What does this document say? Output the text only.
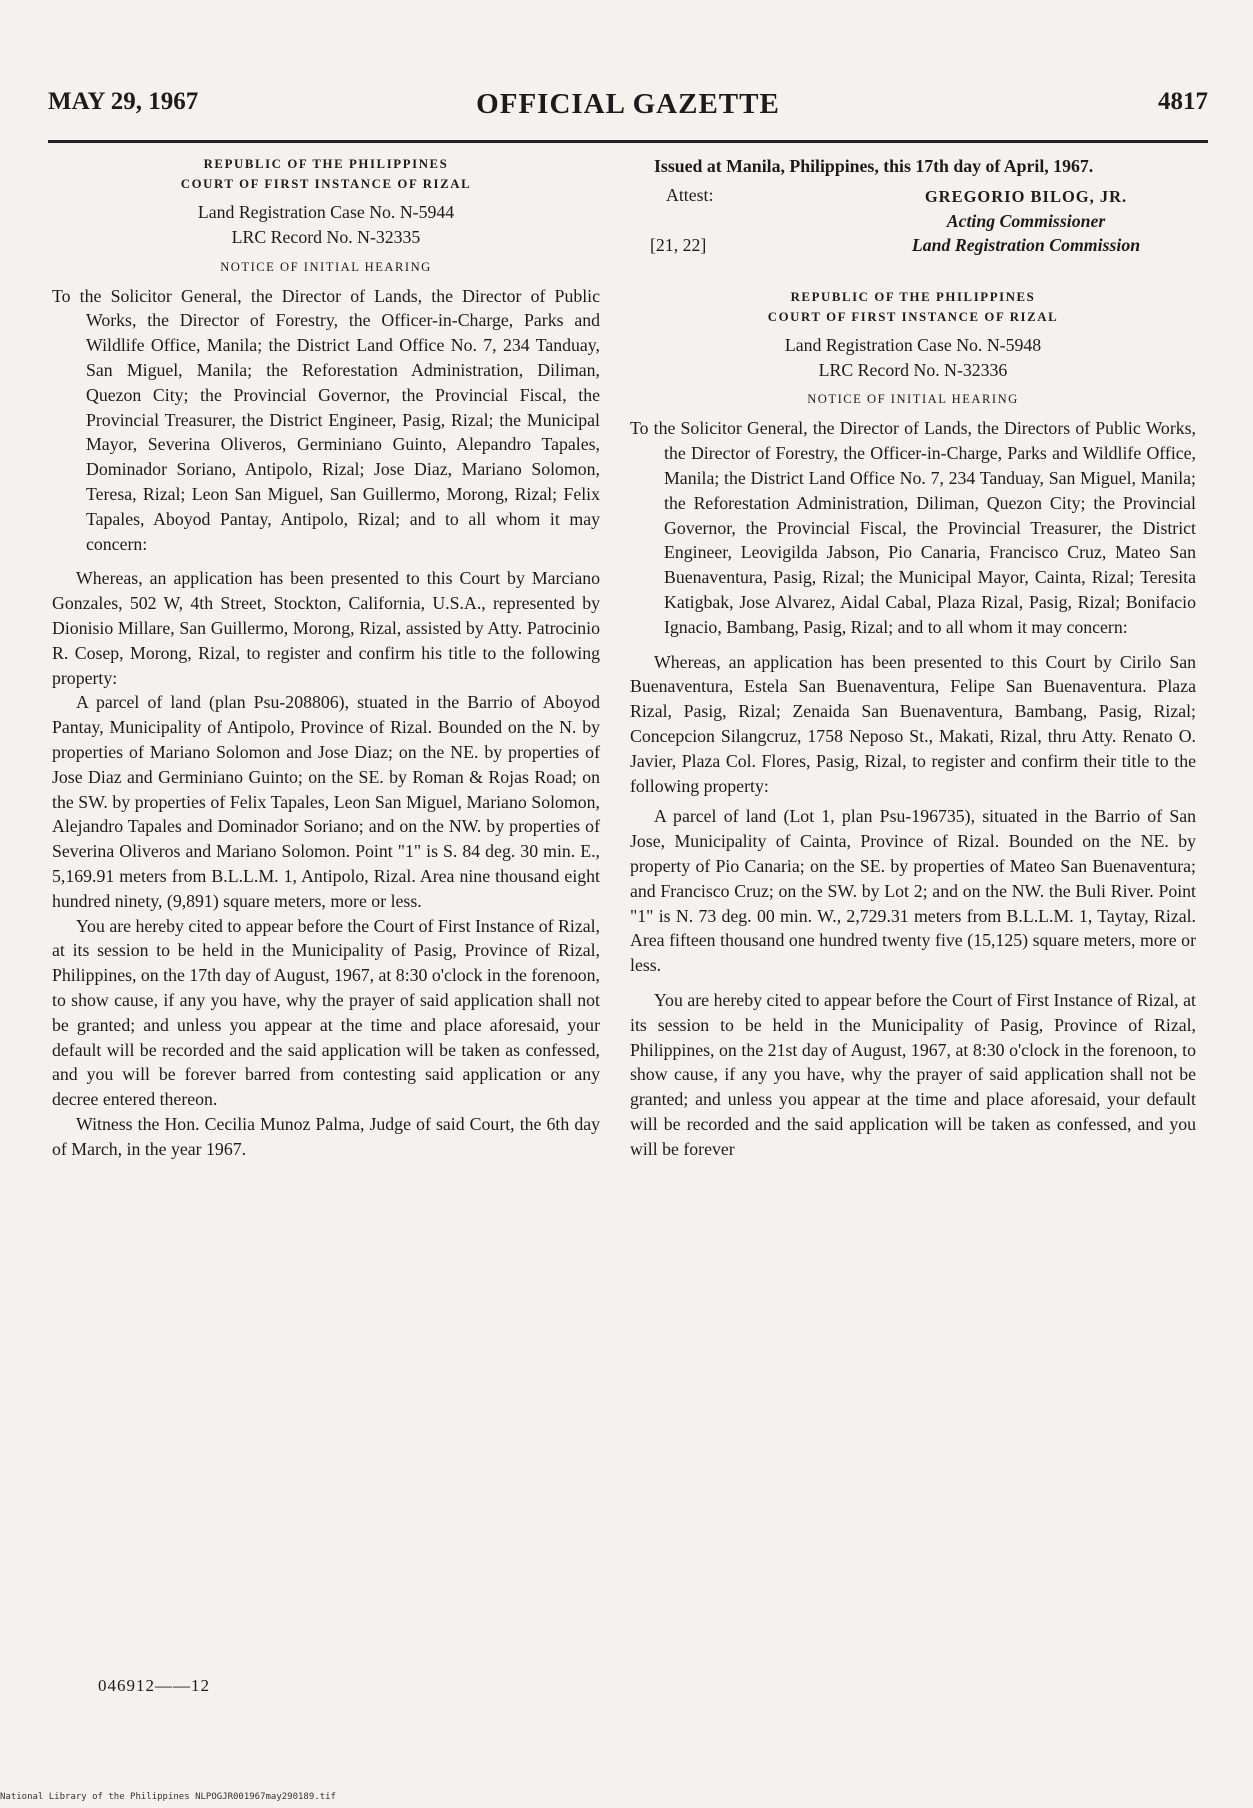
MAY 29, 1967	OFFICIAL GAZETTE	4817
REPUBLIC OF THE PHILIPPINES
COURT OF FIRST INSTANCE OF RIZAL
Land Registration Case No. N-5944
LRC Record No. N-32335
NOTICE OF INITIAL HEARING

To the Solicitor General, the Director of Lands, the Director of Public Works, the Director of Forestry, the Officer-in-Charge, Parks and Wildlife Office, Manila; the District Land Office No. 7, 234 Tanduay, San Miguel, Manila; the Reforestation Administration, Diliman, Quezon City; the Provincial Governor, the Provincial Fiscal, the Provincial Treasurer, the District Engineer, Pasig, Rizal; the Municipal Mayor, Severina Oliveros, Germiniano Guinto, Alepandro Tapales, Dominador Soriano, Antipolo, Rizal; Jose Diaz, Mariano Solomon, Teresa, Rizal; Leon San Miguel, San Guillermo, Morong, Rizal; Felix Tapales, Aboyod Pantay, Antipolo, Rizal; and to all whom it may concern:

Whereas, an application has been presented to this Court by Marciano Gonzales, 502 W, 4th Street, Stockton, California, U.S.A., represented by Dionisio Millare, San Guillermo, Morong, Rizal, assisted by Atty. Patrocinio R. Cosep, Morong, Rizal, to register and confirm his title to the following property:

A parcel of land (plan Psu-208806), stuated in the Barrio of Aboyod Pantay, Municipality of Antipolo, Province of Rizal. Bounded on the N. by properties of Mariano Solomon and Jose Diaz; on the NE. by properties of Jose Diaz and Germiniano Guinto; on the SE. by Roman & Rojas Road; on the SW. by properties of Felix Tapales, Leon San Miguel, Mariano Solomon, Alejandro Tapales and Dominador Soriano; and on the NW. by properties of Severina Oliveros and Mariano Solomon. Point "1" is S. 84 deg. 30 min. E., 5,169.91 meters from B.L.L.M. 1, Antipolo, Rizal. Area nine thousand eight hundred ninety, (9,891) square meters, more or less.

You are hereby cited to appear before the Court of First Instance of Rizal, at its session to be held in the Municipality of Pasig, Province of Rizal, Philippines, on the 17th day of August, 1967, at 8:30 o'clock in the forenoon, to show cause, if any you have, why the prayer of said application shall not be granted; and unless you appear at the time and place aforesaid, your default will be recorded and the said application will be taken as confessed, and you will be forever barred from contesting said application or any decree entered thereon.

Witness the Hon. Cecilia Munoz Palma, Judge of said Court, the 6th day of March, in the year 1967.

046912——12

Issued at Manila, Philippines, this 17th day of April, 1967.

Attest:	GREGORIO BILOG, JR.
Acting Commissioner
Land Registration Commission
[21, 22]
REPUBLIC OF THE PHILIPPINES
COURT OF FIRST INSTANCE OF RIZAL
Land Registration Case No. N-5948
LRC Record No. N-32336
NOTICE OF INITIAL HEARING

To the Solicitor General, the Director of Lands, the Directors of Public Works, the Director of Forestry, the Officer-in-Charge, Parks and Wildlife Office, Manila; the District Land Office No. 7, 234 Tanduay, San Miguel, Manila; the Reforestation Administration, Diliman, Quezon City; the Provincial Governor, the Provincial Fiscal, the Provincial Treasurer, the District Engineer, Leovigilda Jabson, Pio Canaria, Francisco Cruz, Mateo San Buenaventura, Pasig, Rizal; the Municipal Mayor, Cainta, Rizal; Teresita Katigbak, Jose Alvarez, Aidal Cabal, Plaza Rizal, Pasig, Rizal; Bonifacio Ignacio, Bambang, Pasig, Rizal; and to all whom it may concern:

Whereas, an application has been presented to this Court by Cirilo San Buenaventura, Estela San Buenaventura, Felipe San Buenaventura. Plaza Rizal, Pasig, Rizal; Zenaida San Buenaventura, Bambang, Pasig, Rizal; Concepcion Silangcruz, 1758 Neposo St., Makati, Rizal, thru Atty. Renato O. Javier, Plaza Col. Flores, Pasig, Rizal, to register and confirm their title to the following property:

A parcel of land (Lot 1, plan Psu-196735), situated in the Barrio of San Jose, Municipality of Cainta, Province of Rizal. Bounded on the NE. by property of Pio Canaria; on the SE. by properties of Mateo San Buenaventura; and Francisco Cruz; on the SW. by Lot 2; and on the NW. the Buli River. Point "1" is N. 73 deg. 00 min. W., 2,729.31 meters from B.L.L.M. 1, Taytay, Rizal. Area fifteen thousand one hundred twenty five (15,125) square meters, more or less.

You are hereby cited to appear before the Court of First Instance of Rizal, at its session to be held in the Municipality of Pasig, Province of Rizal, Philippines, on the 21st day of August, 1967, at 8:30 o'clock in the forenoon, to show cause, if any you have, why the prayer of said application shall not be granted; and unless you appear at the time and place aforesaid, your default will be recorded and the said application will be taken as confessed, and you will be forever

National Library of the Philippines NLPOGJR001967may290189.tif
